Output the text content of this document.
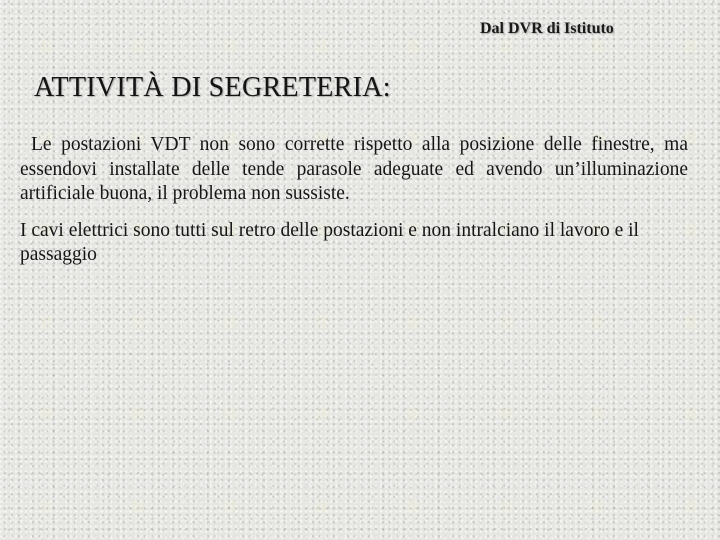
Dal DVR di Istituto
ATTIVITÀ DI SEGRETERIA:

Le postazioni VDT non sono corrette rispetto alla posizione delle finestre, ma essendovi installate delle tende parasole adeguate ed avendo un’illuminazione artificiale buona, il problema non sussiste.

I cavi elettrici sono tutti sul retro delle postazioni e non intralciano il lavoro e il passaggio
